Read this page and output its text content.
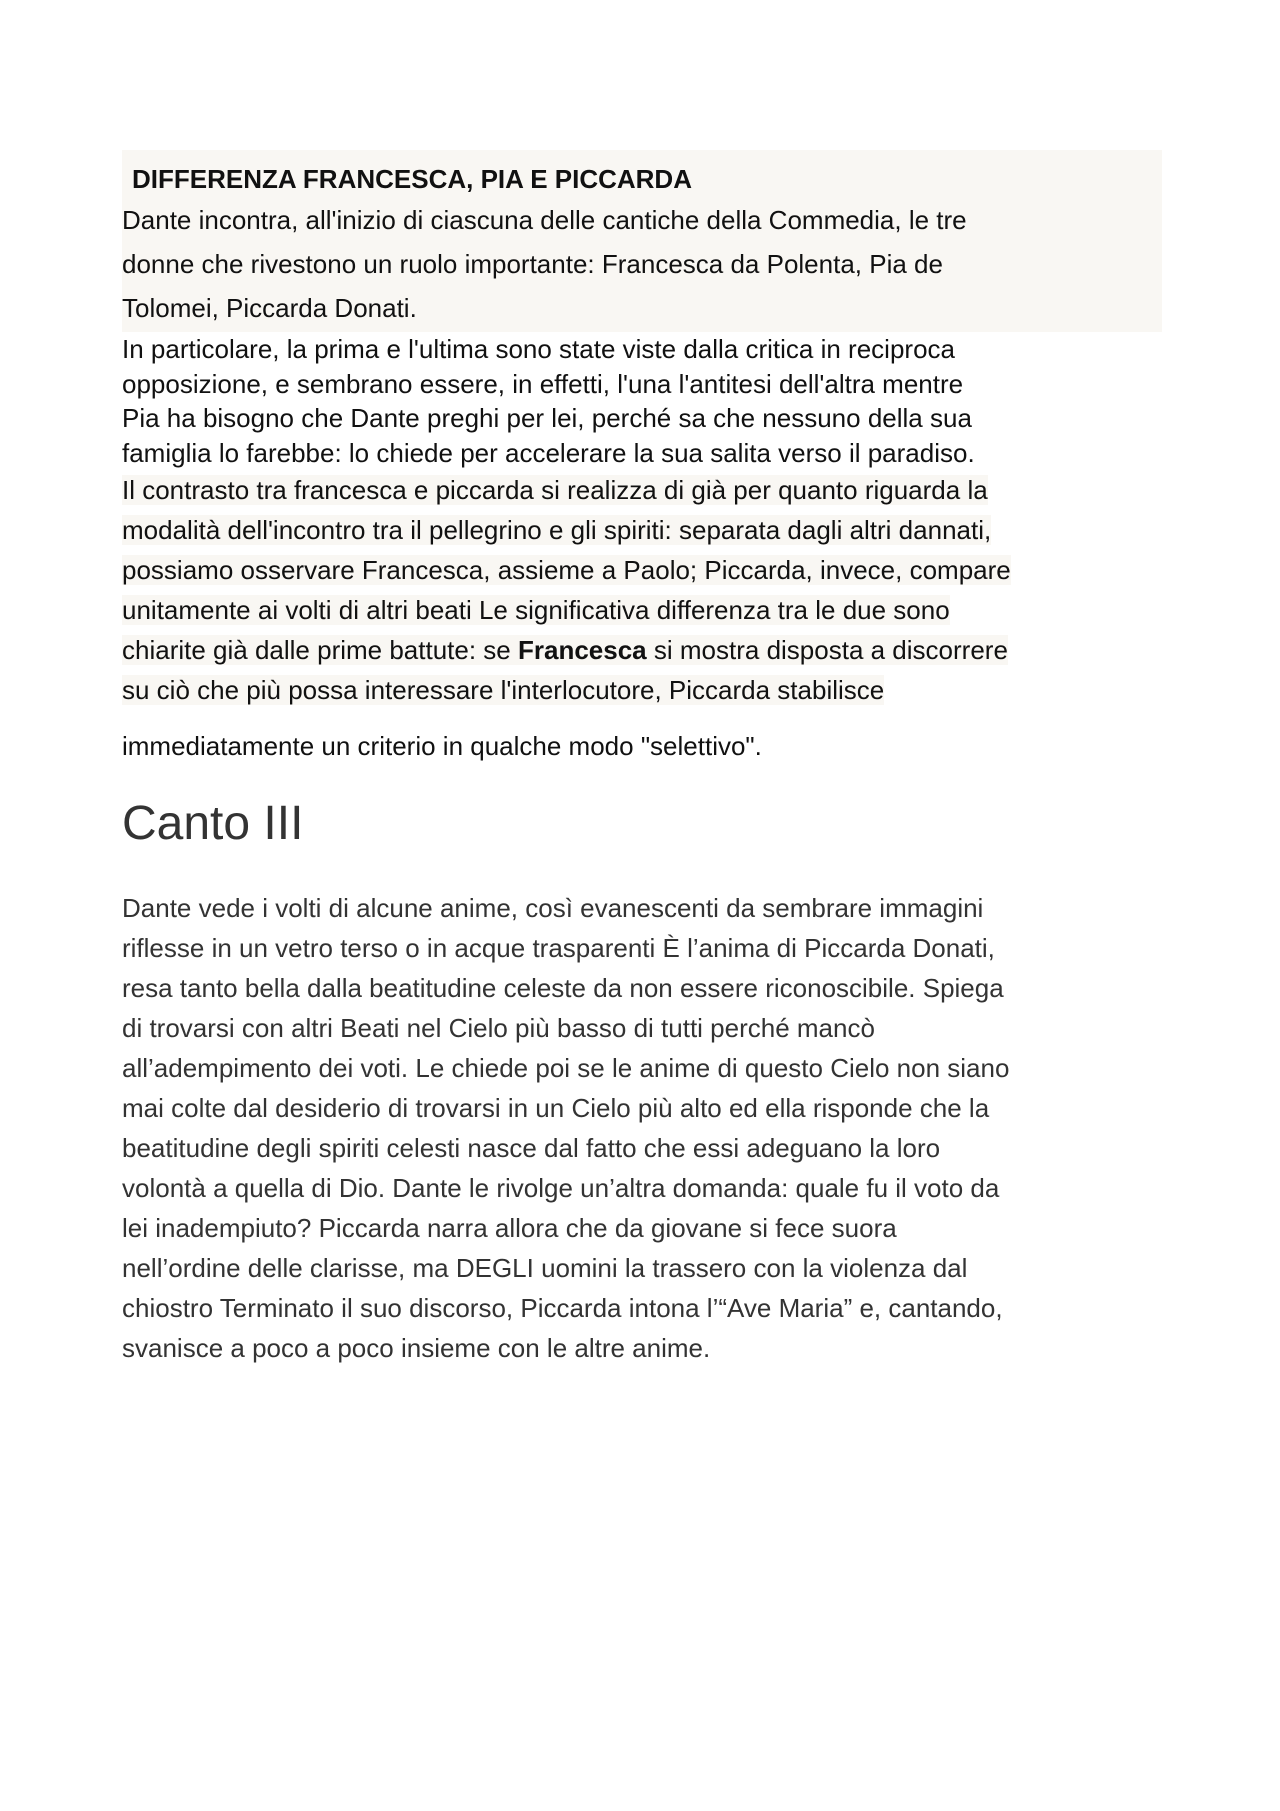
DIFFERENZA FRANCESCA, PIA E PICCARDA

Dante incontra, all'inizio di ciascuna delle cantiche della Commedia, le tre
donne che rivestono un ruolo importante: Francesca da Polenta, Pia de
Tolomei, Piccarda Donati.

In particolare, la prima e l'ultima sono state viste dalla critica in reciproca
opposizione, e sembrano essere, in effetti, l'una l'antitesi dell'altra mentre
Pia ha bisogno che Dante preghi per lei, perché sa che nessuno della sua
famiglia lo farebbe: lo chiede per accelerare la sua salita verso il paradiso.

Il contrasto tra francesca e piccarda si realizza di già per quanto riguarda la
modalità dell'incontro tra il pellegrino e gli spiriti: separata dagli altri dannati,
possiamo osservare Francesca, assieme a Paolo; Piccarda, invece, compare
unitamente ai volti di altri beati Le significativa differenza tra le due sono
chiarite già dalle prime battute: se Francesca si mostra disposta a discorrere
su ciò che più possa interessare l'interlocutore, Piccarda stabilisce

immediatamente un criterio in qualche modo "selettivo".

Canto III

Dante vede i volti di alcune anime, così evanescenti da sembrare immagini
riflesse in un vetro terso o in acque trasparenti È l’anima di Piccarda Donati,
resa tanto bella dalla beatitudine celeste da non essere riconoscibile. Spiega
di trovarsi con altri Beati nel Cielo più basso di tutti perché mancò
all’adempimento dei voti. Le chiede poi se le anime di questo Cielo non siano
mai colte dal desiderio di trovarsi in un Cielo più alto ed ella risponde che la
beatitudine degli spiriti celesti nasce dal fatto che essi adeguano la loro
volontà a quella di Dio. Dante le rivolge un’altra domanda: quale fu il voto da
lei inadempiuto? Piccarda narra allora che da giovane si fece suora
nell’ordine delle clarisse, ma DEGLI uomini la trassero con la violenza dal
chiostro Terminato il suo discorso, Piccarda intona l’“Ave Maria” e, cantando,
svanisce a poco a poco insieme con le altre anime.
